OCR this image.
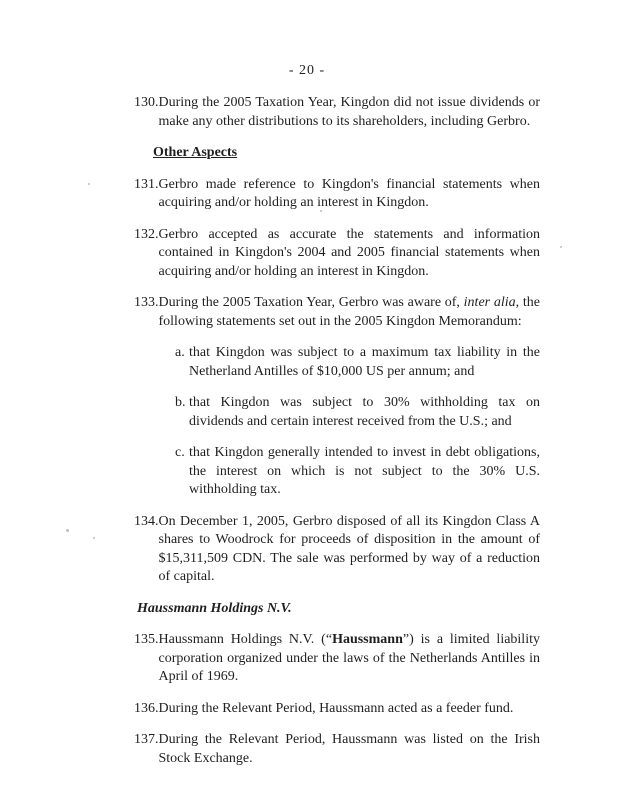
- 20 -
130. During the 2005 Taxation Year, Kingdon did not issue dividends or make any other distributions to its shareholders, including Gerbro.
Other Aspects
131. Gerbro made reference to Kingdon's financial statements when acquiring and/or holding an interest in Kingdon.
132. Gerbro accepted as accurate the statements and information contained in Kingdon's 2004 and 2005 financial statements when acquiring and/or holding an interest in Kingdon.
133. During the 2005 Taxation Year, Gerbro was aware of, inter alia, the following statements set out in the 2005 Kingdon Memorandum:
a. that Kingdon was subject to a maximum tax liability in the Netherland Antilles of $10,000 US per annum; and
b. that Kingdon was subject to 30% withholding tax on dividends and certain interest received from the U.S.; and
c. that Kingdon generally intended to invest in debt obligations, the interest on which is not subject to the 30% U.S. withholding tax.
134. On December 1, 2005, Gerbro disposed of all its Kingdon Class A shares to Woodrock for proceeds of disposition in the amount of $15,311,509 CDN. The sale was performed by way of a reduction of capital.
Haussmann Holdings N.V.
135. Haussmann Holdings N.V. (“Haussmann”) is a limited liability corporation organized under the laws of the Netherlands Antilles in April of 1969.
136. During the Relevant Period, Haussmann acted as a feeder fund.
137. During the Relevant Period, Haussmann was listed on the Irish Stock Exchange.
